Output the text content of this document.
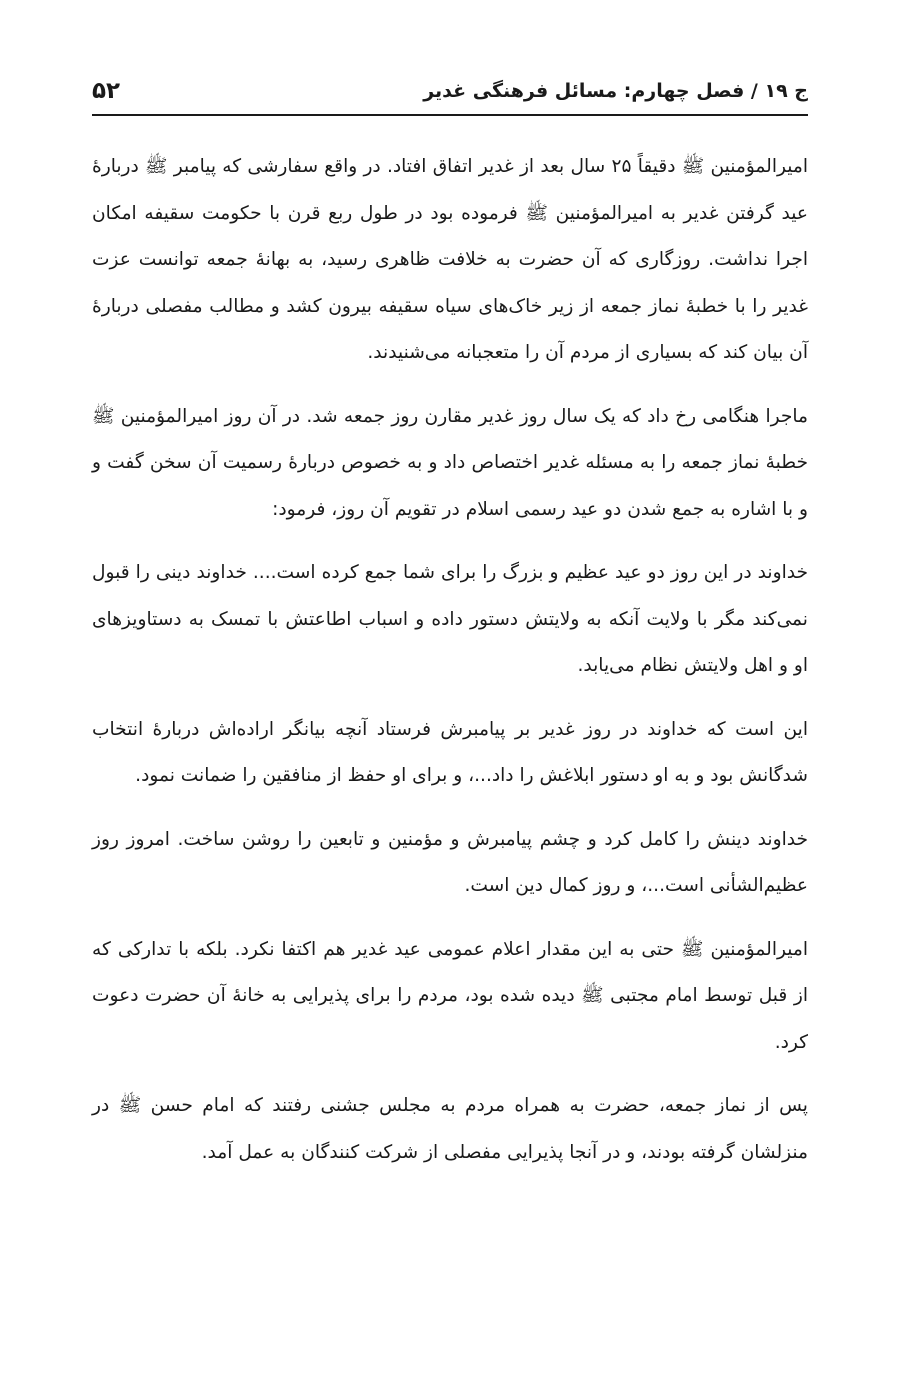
۵۲	ج ۱۹ / فصل چهارم: مسائل فرهنگی غدیر

امیرالمؤمنین ﷺ دقیقاً ۲۵ سال بعد از غدیر اتفاق افتاد. در واقع سفارشی که پیامبر ﷺ دربارۀ عید گرفتن غدیر به امیرالمؤمنین ﷺ فرموده بود در طول ربع قرن با حکومت سقیفه امکان اجرا نداشت. روزگاری که آن حضرت به خلافت ظاهری رسید، به بهانۀ جمعه توانست عزت غدیر را با خطبۀ نماز جمعه از زیر خاک‌های سیاه سقیفه بیرون کشد و مطالب مفصلی دربارۀ آن بیان کند که بسیاری از مردم آن را متعجبانه می‌شنیدند.

ماجرا هنگامی رخ داد که یک سال روز غدیر مقارن روز جمعه شد. در آن روز امیرالمؤمنین ﷺ خطبۀ نماز جمعه را به مسئله غدیر اختصاص داد و به خصوص دربارۀ رسمیت آن سخن گفت و و با اشاره به جمع شدن دو عید رسمی اسلام در تقویم آن روز، فرمود:

خداوند در این روز دو عید عظیم و بزرگ را برای شما جمع کرده است.... خداوند دینی را قبول نمی‌کند مگر با ولایت آنکه به ولایتش دستور داده و اسباب اطاعتش با تمسک به دستاویزهای او و اهل ولایتش نظام می‌یابد.

این است که خداوند در روز غدیر بر پیامبرش فرستاد آنچه بیانگر اراده‌اش دربارۀ انتخاب شدگانش بود و به او دستور ابلاغش را داد...، و برای او حفظ از منافقین را ضمانت نمود.

خداوند دینش را کامل کرد و چشم پیامبرش و مؤمنین و تابعین را روشن ساخت. امروز روز عظیم‌الشأنی است...، و روز کمال دین است.

امیرالمؤمنین ﷺ حتی به این مقدار اعلام عمومی عید غدیر هم اکتفا نکرد. بلکه با تدارکی که از قبل توسط امام مجتبی ﷺ دیده شده بود، مردم را برای پذیرایی به خانۀ آن حضرت دعوت کرد.

پس از نماز جمعه، حضرت به همراه مردم به مجلس جشنی رفتند که امام حسن ﷺ در منزلشان گرفته بودند، و در آنجا پذیرایی مفصلی از شرکت کنندگان به عمل آمد.
